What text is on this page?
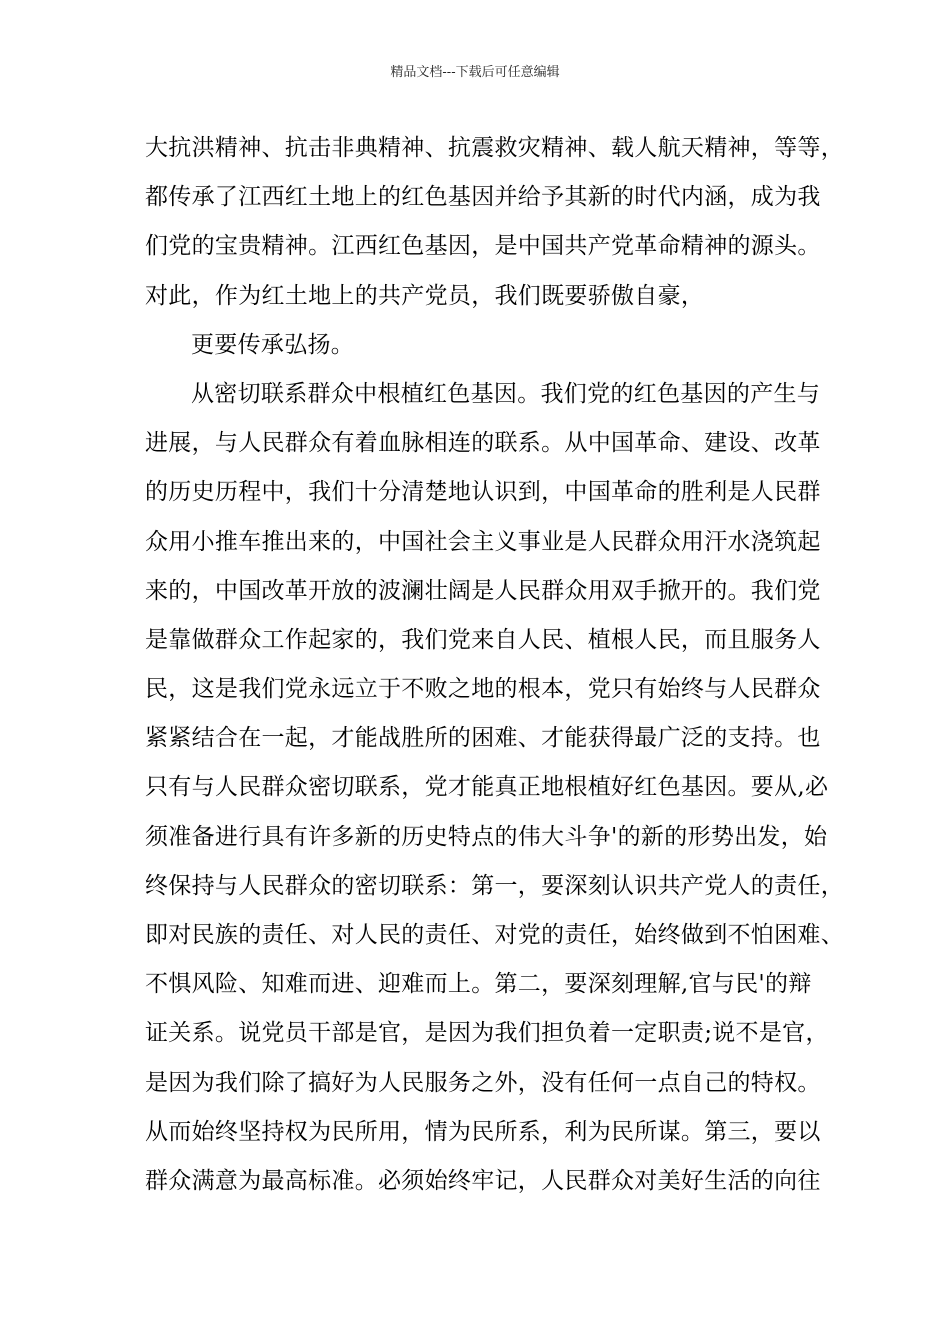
精品文档---下载后可任意编辑
大抗洪精神、抗击非典精神、抗震救灾精神、载人航天精神，等等，
都传承了江西红土地上的红色基因并给予其新的时代内涵，成为我
们党的宝贵精神。江西红色基因，是中国共产党革命精神的源头。
对此，作为红土地上的共产党员，我们既要骄傲自豪，
更要传承弘扬。
从密切联系群众中根植红色基因。我们党的红色基因的产生与
进展，与人民群众有着血脉相连的联系。从中国革命、建设、改革
的历史历程中，我们十分清楚地认识到，中国革命的胜利是人民群
众用小推车推出来的，中国社会主义事业是人民群众用汗水浇筑起
来的，中国改革开放的波澜壮阔是人民群众用双手掀开的。我们党
是靠做群众工作起家的，我们党来自人民、植根人民，而且服务人
民，这是我们党永远立于不败之地的根本，党只有始终与人民群众
紧紧结合在一起，才能战胜所的困难、才能获得最广泛的支持。也
只有与人民群众密切联系，党才能真正地根植好红色基因。要从,必
须准备进行具有许多新的历史特点的伟大斗争'的新的形势出发，始
终保持与人民群众的密切联系：第一，要深刻认识共产党人的责任，
即对民族的责任、对人民的责任、对党的责任，始终做到不怕困难、
不惧风险、知难而进、迎难而上。第二，要深刻理解,官与民'的辩
证关系。说党员干部是官，是因为我们担负着一定职责;说不是官，
是因为我们除了搞好为人民服务之外，没有任何一点自己的特权。
从而始终坚持权为民所用，情为民所系，利为民所谋。第三，要以
群众满意为最高标准。必须始终牢记，人民群众对美好生活的向往
